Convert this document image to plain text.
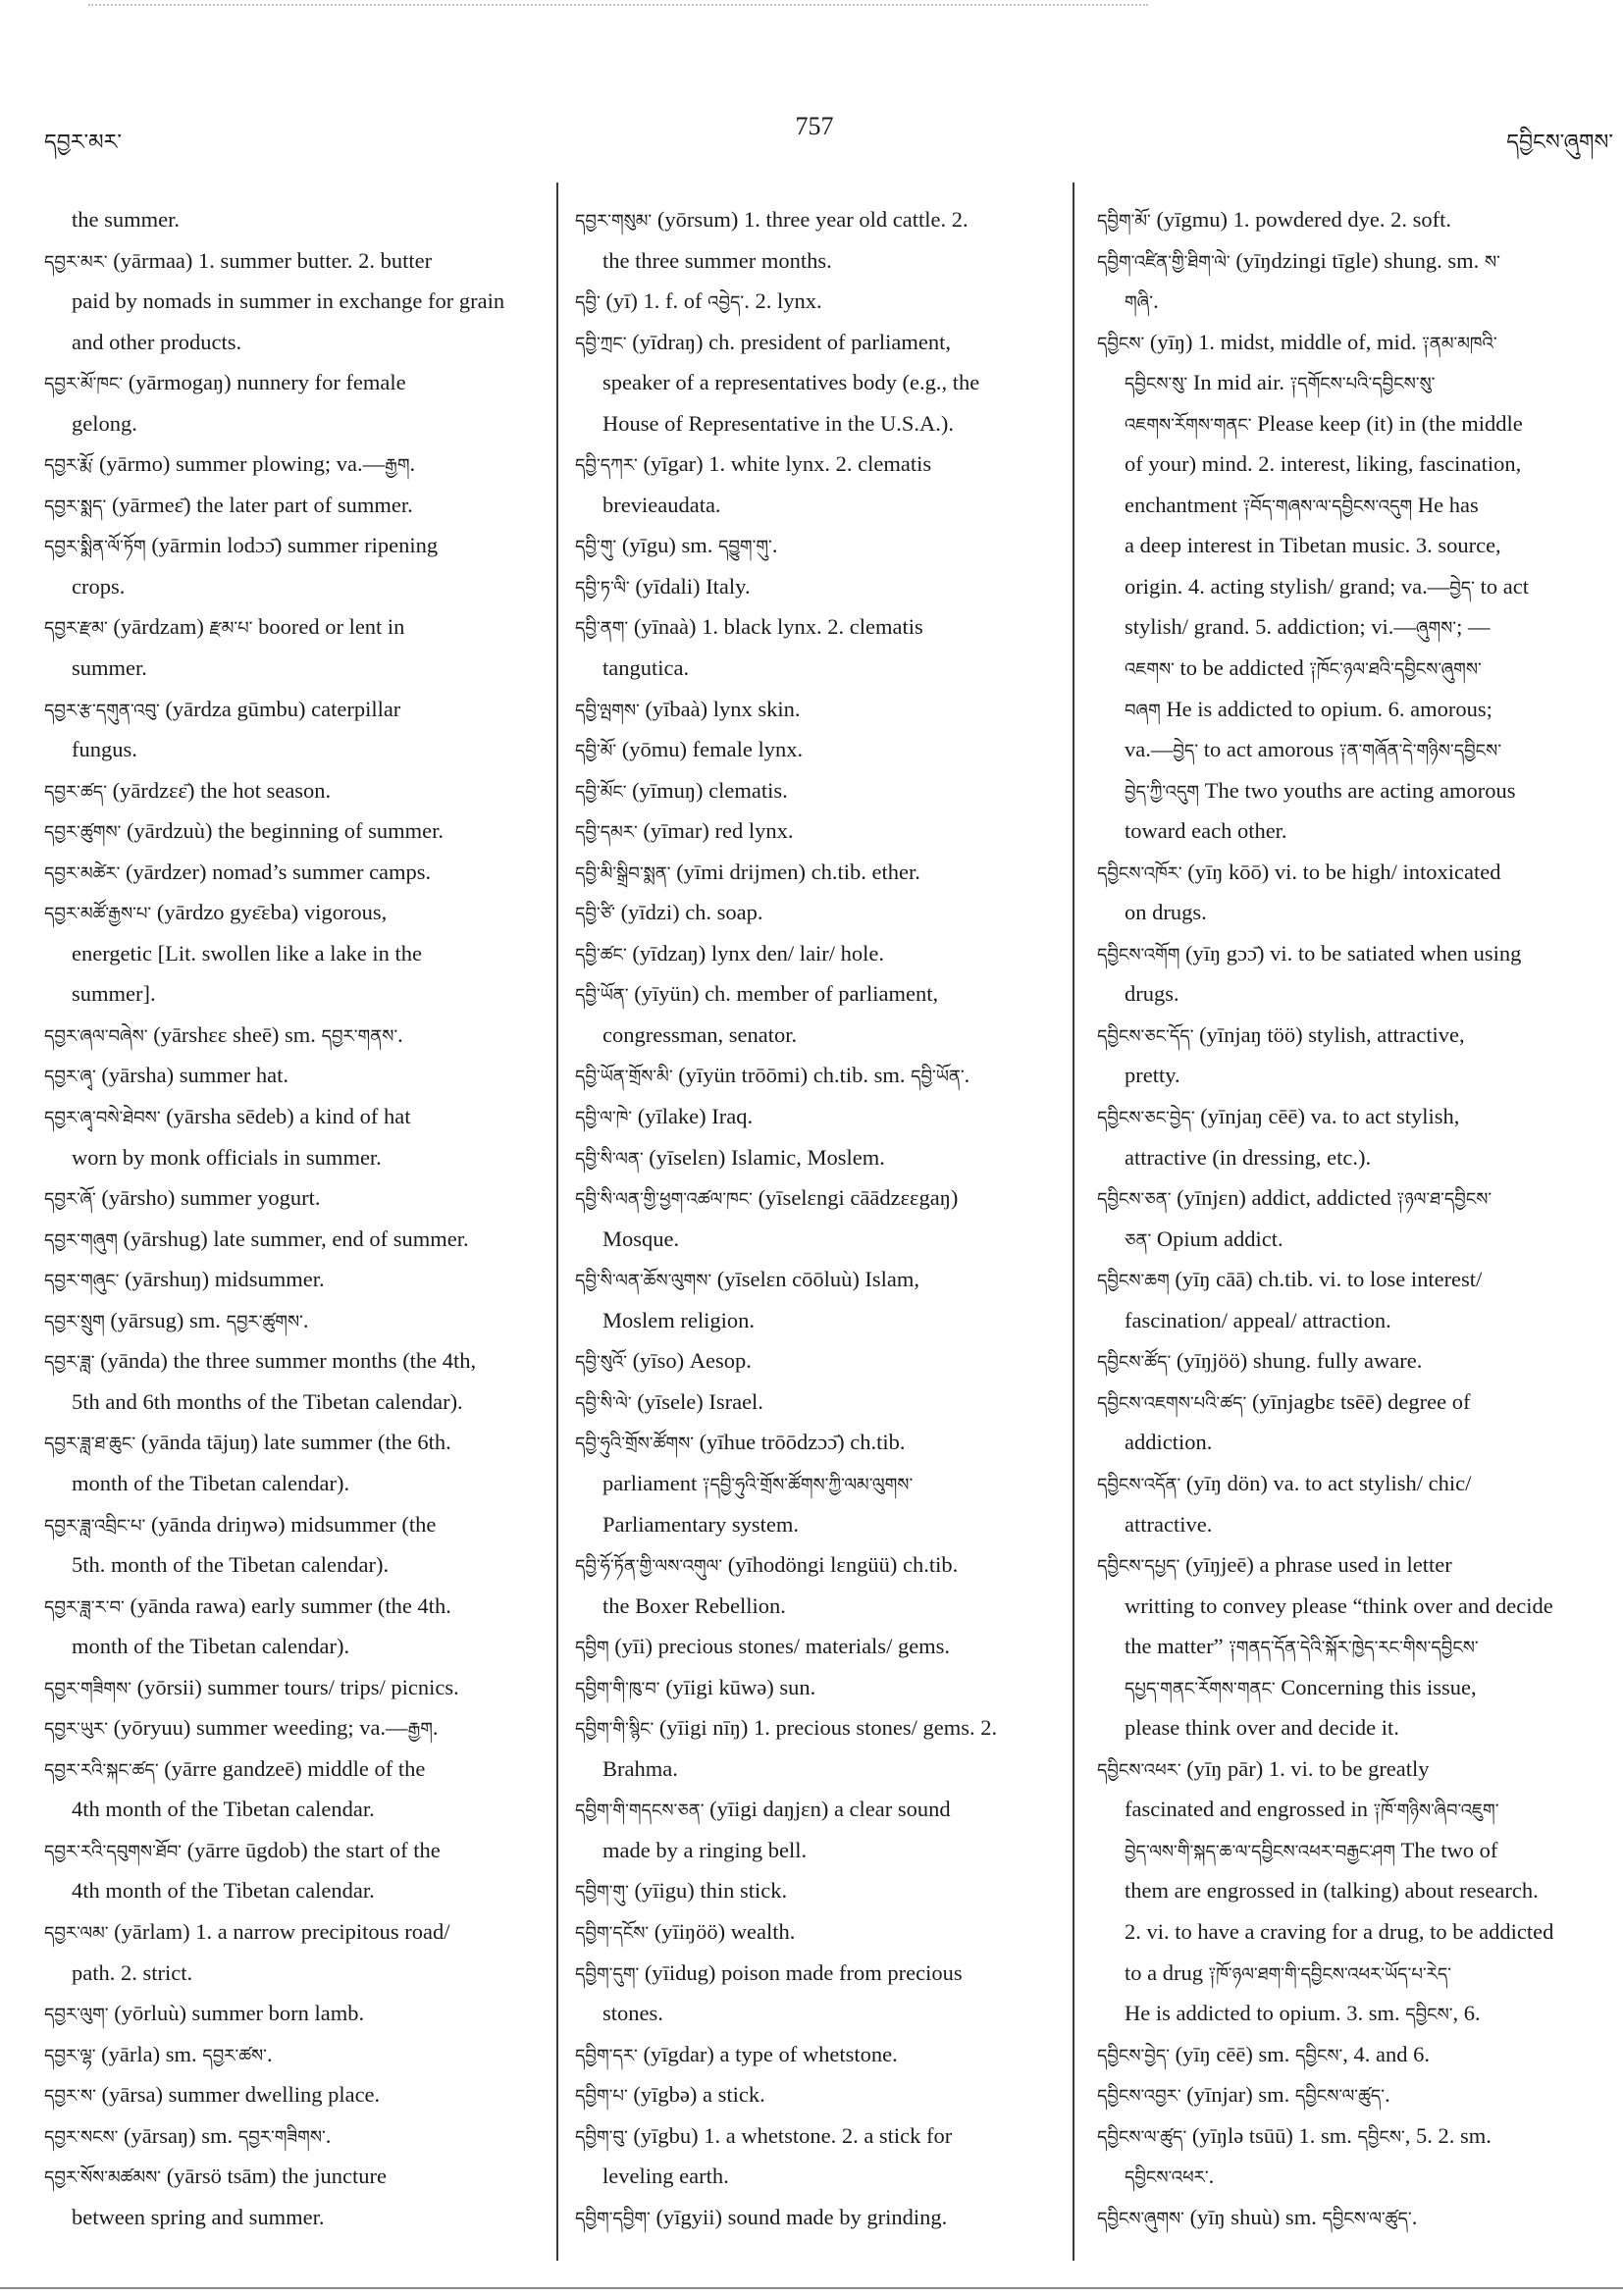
དབྱར་མར་
757
དབྱིངས་ཞུགས་
the summer.
དབྱར་མར་ (yārmaa) 1. summer butter. 2. butter
paid by nomads in summer in exchange for grain
and other products.
དབྱར་མོ་ཁང་ (yārmogaŋ) nunnery for female
gelong.
དབྱར་རྨོ་ (yārmo) summer plowing; va.—རྒྱག.
དབྱར་སྨད་ (yārmeɛ̄) the later part of summer.
དབྱར་སྨིན་ལོ་ཏོག (yārmin lodɔɔ̄) summer ripening
crops.
དབྱར་རྫམ་ (yārdzam) རྫམ་པ་ boored or lent in
summer.
དབྱར་རྩ་དགུན་འབུ་ (yārdza gūmbu) caterpillar
fungus.
དབྱར་ཚད་ (yārdzɛɛ̄) the hot season.
དབྱར་ཚུགས་ (yārdzuù) the beginning of summer.
དབྱར་མཚེར་ (yārdzer) nomad’s summer camps.
དབྱར་མཚོ་རྒྱས་པ་ (yārdzo gyɛ̄ɛba) vigorous,
energetic [Lit. swollen like a lake in the
summer].
དབྱར་ཞལ་བཞེས་ (yārshɛɛ sheē) sm. དབྱར་གནས་.
དབྱར་ཞྭ་ (yārsha) summer hat.
དབྱར་ཞྭ་བསེ་ཐེབས་ (yārsha sēdeb) a kind of hat
worn by monk officials in summer.
དབྱར་ཞོ་ (yārsho) summer yogurt.
དབྱར་གཞུག (yārshug) late summer, end of summer.
དབྱར་གཞུང་ (yārshuŋ) midsummer.
དབྱར་སྲུག (yārsug) sm. དབྱར་ཚུགས་.
དབྱར་ཟླ་ (yānda) the three summer months (the 4th,
5th and 6th months of the Tibetan calendar).
དབྱར་ཟླ་ཐ་ཆུང་ (yānda tājuŋ) late summer (the 6th.
month of the Tibetan calendar).
དབྱར་ཟླ་འབྲིང་པ་ (yānda driŋwə) midsummer (the
5th. month of the Tibetan calendar).
དབྱར་ཟླ་ར་བ་ (yānda rawa) early summer (the 4th.
month of the Tibetan calendar).
དབྱར་གཟིགས་ (yōrsii) summer tours/ trips/ picnics.
དབྱར་ཡུར་ (yōryuu) summer weeding; va.—རྒྱག.
དབྱར་རའི་སྐང་ཚད་ (yārre gandzeē) middle of the
4th month of the Tibetan calendar.
དབྱར་རའི་དབུགས་ཐོབ་ (yārre ūgdob) the start of the
4th month of the Tibetan calendar.
དབྱར་ལམ་ (yārlam) 1. a narrow precipitous road/
path. 2. strict.
དབྱར་ལུག་ (yōrluù) summer born lamb.
དབྱར་ལྷ་ (yārla) sm. དབྱར་ཚས་.
དབྱར་ས་ (yārsa) summer dwelling place.
དབྱར་སངས་ (yārsaŋ) sm. དབྱར་གཟིགས་.
དབྱར་སོས་མཚམས་ (yārsö tsām) the juncture
between spring and summer.
དབྱར་གསུམ་ (yōrsum) 1. three year old cattle. 2.
the three summer months.
དབྱི་ (yī) 1. f. of འབྱེད་. 2. lynx.
དབྱི་ཀྲང་ (yīdraŋ) ch. president of parliament,
speaker of a representatives body (e.g., the
House of Representative in the U.S.A.).
དབྱི་དཀར་ (yīgar) 1. white lynx. 2. clematis
brevieaudata.
དབྱི་གུ་ (yīgu) sm. དབྱུག་གུ་.
དབྱི་ཏ་ལི་ (yīdali) Italy.
དབྱི་ནག་ (yīnaà) 1. black lynx. 2. clematis
tangutica.
དབྱི་ལྤགས་ (yībaà) lynx skin.
དབྱི་མོ་ (yōmu) female lynx.
དབྱི་མོང་ (yīmuŋ) clematis.
དབྱི་དམར་ (yīmar) red lynx.
དབྱི་མི་སྒྲིབ་སྨན་ (yīmi drijmen) ch.tib. ether.
དབྱི་ཙི་ (yīdzi) ch. soap.
དབྱི་ཚང་ (yīdzaŋ) lynx den/ lair/ hole.
དབྱི་ཡོན་ (yīyün) ch. member of parliament,
congressman, senator.
དབྱི་ཡོན་གྲོས་མི་ (yīyün trōōmi) ch.tib. sm. དབྱི་ཡོན་.
དབྱི་ལ་ཁེ་ (yīlake) Iraq.
དབྱི་སི་ལན་ (yīselɛn) Islamic, Moslem.
དབྱི་སི་ལན་གྱི་ཕྱག་འཚལ་ཁང་ (yīselɛngi cāādzɛɛgaŋ)
Mosque.
དབྱི་སི་ལན་ཆོས་ལུགས་ (yīselɛn cōōluù) Islam,
Moslem religion.
དབྱི་སུའོ་ (yīso) Aesop.
དབྱི་སི་ལེ་ (yīsele) Israel.
དབྱི་ཧུའི་གྲོས་ཚོགས་ (yīhue trōōdzɔɔ̄) ch.tib.
parliament ༑དབྱི་ཧུའི་གྲོས་ཚོགས་ཀྱི་ལམ་ལུགས་
Parliamentary system.
དབྱི་ཧོ་ཏོན་གྱི་ལས་འགུལ་ (yīhodöngi lɛngüü) ch.tib.
the Boxer Rebellion.
དབྱིག (yīi) precious stones/ materials/ gems.
དབྱིག་གི་ཁུ་བ་ (yīigi kūwə) sun.
དབྱིག་གི་སྙིང་ (yīigi nīŋ) 1. precious stones/ gems. 2.
Brahma.
དབྱིག་གི་གདངས་ཅན་ (yīigi daŋjɛn) a clear sound
made by a ringing bell.
དབྱིག་གུ་ (yīigu) thin stick.
དབྱིག་དངོས་ (yīiŋöö) wealth.
དབྱིག་དུག་ (yīidug) poison made from precious
stones.
དབྱིག་དར་ (yīgdar) a type of whetstone.
དབྱིག་པ་ (yīgbə) a stick.
དབྱིག་བུ་ (yīgbu) 1. a whetstone. 2. a stick for
leveling earth.
དབྱིག་དབྱིག་ (yīgyii) sound made by grinding.
དབྱིག་མོ་ (yīgmu) 1. powdered dye. 2. soft.
དབྱིག་འཛིན་གྱི་ཐིག་ལེ་ (yīŋdzingi tīgle) shung. sm. ས་
གཞི་.
དབྱིངས་ (yīŋ) 1. midst, middle of, mid. ༑ནམ་མཁའི་
དབྱིངས་སུ་ In mid air. ༑དགོངས་པའི་དབྱིངས་སུ་
འཇགས་རོགས་གནང་ Please keep (it) in (the middle
of your) mind. 2. interest, liking, fascination,
enchantment ༑བོད་གཞས་ལ་དབྱིངས་འདུག He has
a deep interest in Tibetan music. 3. source,
origin. 4. acting stylish/ grand; va.—བྱེད་ to act
stylish/ grand. 5. addiction; vi.—ཞུགས་; —
འཇགས་ to be addicted ༑ཁོང་ཉལ་ཐའི་དབྱིངས་ཞུགས་
བཞག He is addicted to opium. 6. amorous;
va.—བྱེད་ to act amorous ༑ན་གཞོན་དེ་གཉིས་དབྱིངས་
བྱེད་ཀྱི་འདུག The two youths are acting amorous
toward each other.
དབྱིངས་འཁོར་ (yīŋ kōō) vi. to be high/ intoxicated
on drugs.
དབྱིངས་འགོག (yīŋ gɔɔ̄) vi. to be satiated when using
drugs.
དབྱིངས་ཅང་དོད་ (yīnjaŋ töö) stylish, attractive,
pretty.
དབྱིངས་ཅང་བྱེད་ (yīnjaŋ cēē) va. to act stylish,
attractive (in dressing, etc.).
དབྱིངས་ཅན་ (yīnjɛn) addict, addicted ༑ཉལ་ཐ་དབྱིངས་
ཅན་ Opium addict.
དབྱིངས་ཆག (yīŋ cāā) ch.tib. vi. to lose interest/
fascination/ appeal/ attraction.
དབྱིངས་ཚོད་ (yīŋjöö) shung. fully aware.
དབྱིངས་འཇགས་པའི་ཚད་ (yīnjagbɛ tsēē) degree of
addiction.
དབྱིངས་འདོན་ (yīŋ dön) va. to act stylish/ chic/
attractive.
དབྱིངས་དཔྱད་ (yīŋjeē) a phrase used in letter
writting to convey please “think over and decide
the matter” ༑གནད་དོན་དེའི་སྐོར་ཁྱེད་རང་གིས་དབྱིངས་
དཔྱད་གནང་རོགས་གནང་ Concerning this issue,
please think over and decide it.
དབྱིངས་འཕར་ (yīŋ pār) 1. vi. to be greatly
fascinated and engrossed in ༑ཁོ་གཉིས་ཞིབ་འཇུག་
བྱེད་ལས་གི་སྐད་ཆ་ལ་དབྱིངས་འཕར་བརྒྱང་ཤག The two of
them are engrossed in (talking) about research.
2. vi. to have a craving for a drug, to be addicted
to a drug ༑ཁོ་ཉལ་ཐག་གི་དབྱིངས་འཕར་ཡོད་པ་རེད་
He is addicted to opium. 3. sm. དབྱིངས་, 6.
དབྱིངས་བྱེད་ (yīŋ cēē) sm. དབྱིངས་, 4. and 6.
དབྱིངས་འབྱར་ (yīnjar) sm. དབྱིངས་ལ་ཚུད་.
དབྱིངས་ལ་ཚུད་ (yīŋlə tsūū) 1. sm. དབྱིངས་, 5. 2. sm.
དབྱིངས་འཕར་.
དབྱིངས་ཞུགས་ (yīŋ shuù) sm. དབྱིངས་ལ་ཚུད་.
